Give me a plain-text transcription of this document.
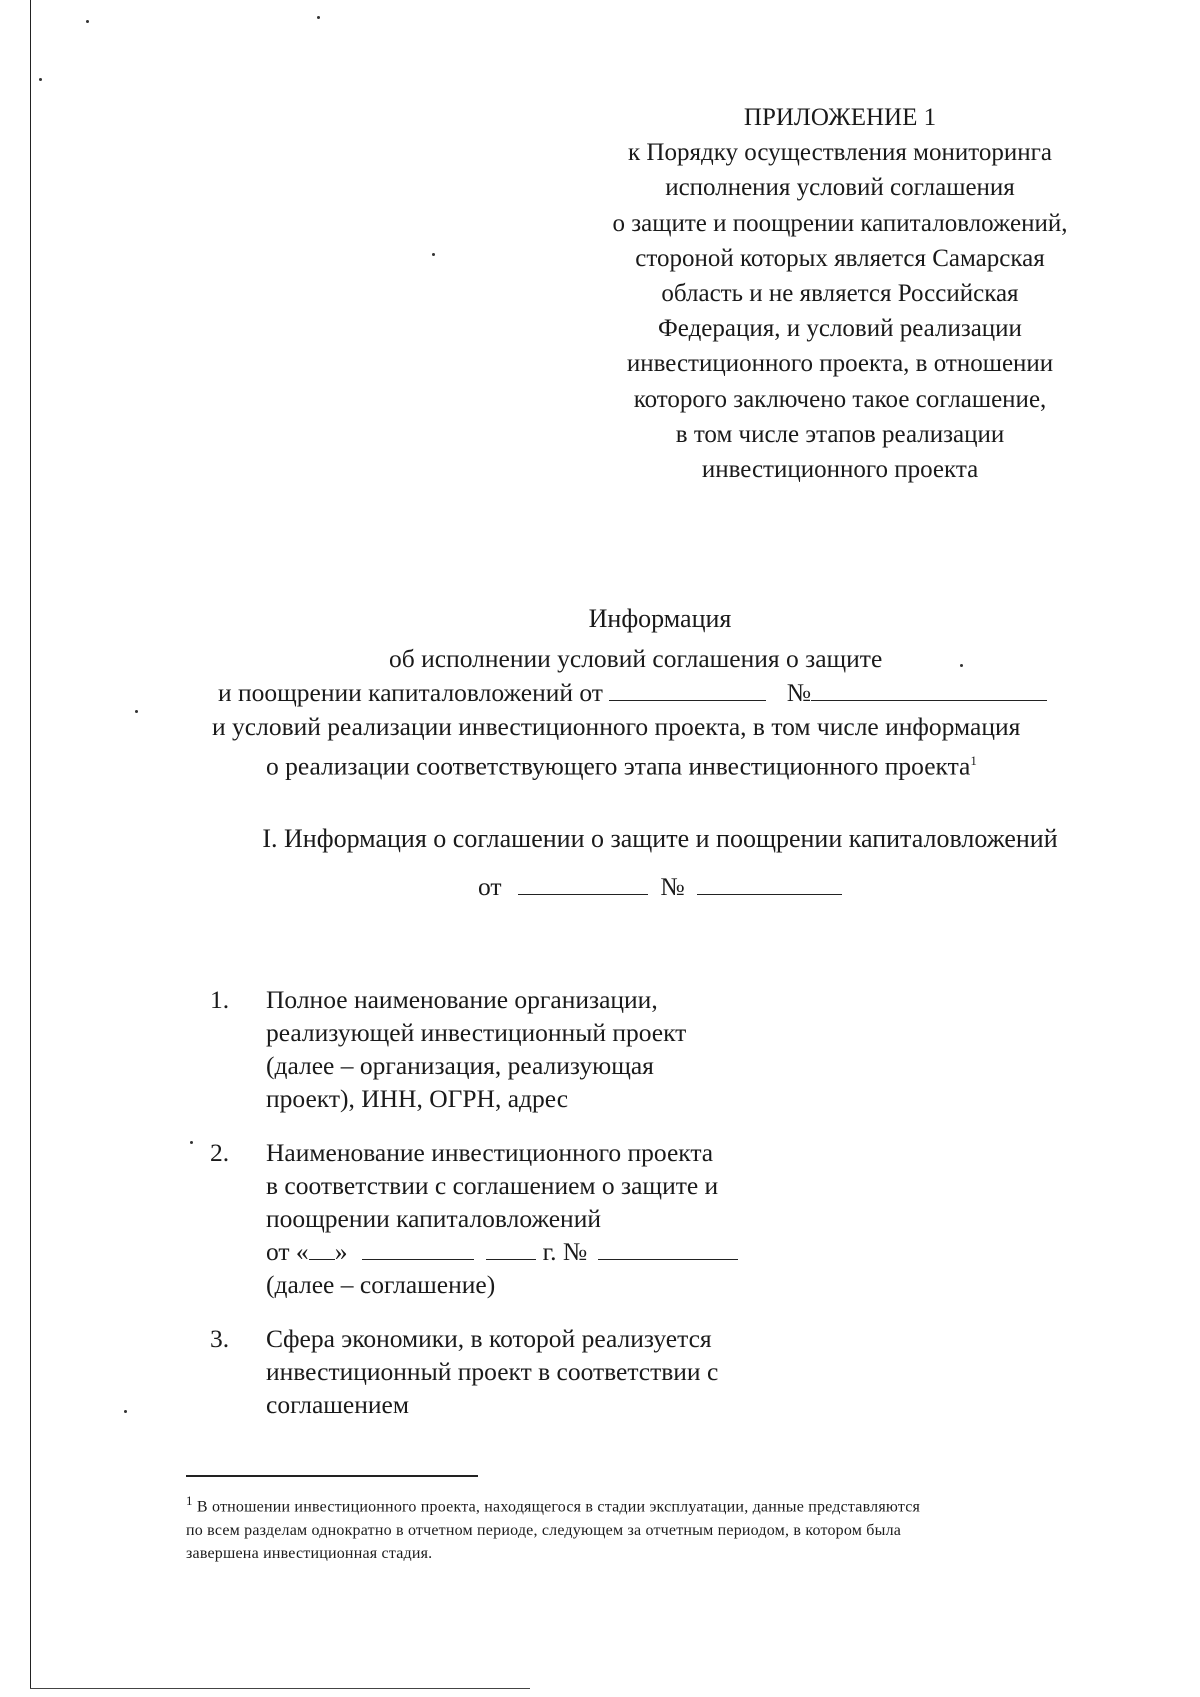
ПРИЛОЖЕНИЕ 1
к Порядку осуществления мониторинга
исполнения условий соглашения
о защите и поощрении капиталовложений,
стороной которых является Самарская
область и не является Российская
Федерация, и условий реализации
инвестиционного проекта, в отношении
которого заключено такое соглашение,
в том числе этапов реализации
инвестиционного проекта
Информация
об исполнении условий соглашения о защите
и поощрении капиталовложений от	№
и условий реализации инвестиционного проекта, в том числе информация
о реализации соответствующего этапа инвестиционного проекта$^1$
I. Информация о соглашении о защите и поощрении капиталовложений
от	№
1.	Полное наименование организации,
реализующей инвестиционный проект
(далее – организация, реализующая
проект), ИНН, ОГРН, адрес
2.	Наименование инвестиционного проекта
в соответствии с соглашением о защите и
поощрении капиталовложений
от « »	г. №
(далее – соглашение)
3.	Сфера экономики, в которой реализуется
инвестиционный проект в соответствии с
соглашением
$^1$ В отношении инвестиционного проекта, находящегося в стадии эксплуатации, данные представляются
по всем разделам однократно в отчетном периоде, следующем за отчетным периодом, в котором была
завершена инвестиционная стадия.
